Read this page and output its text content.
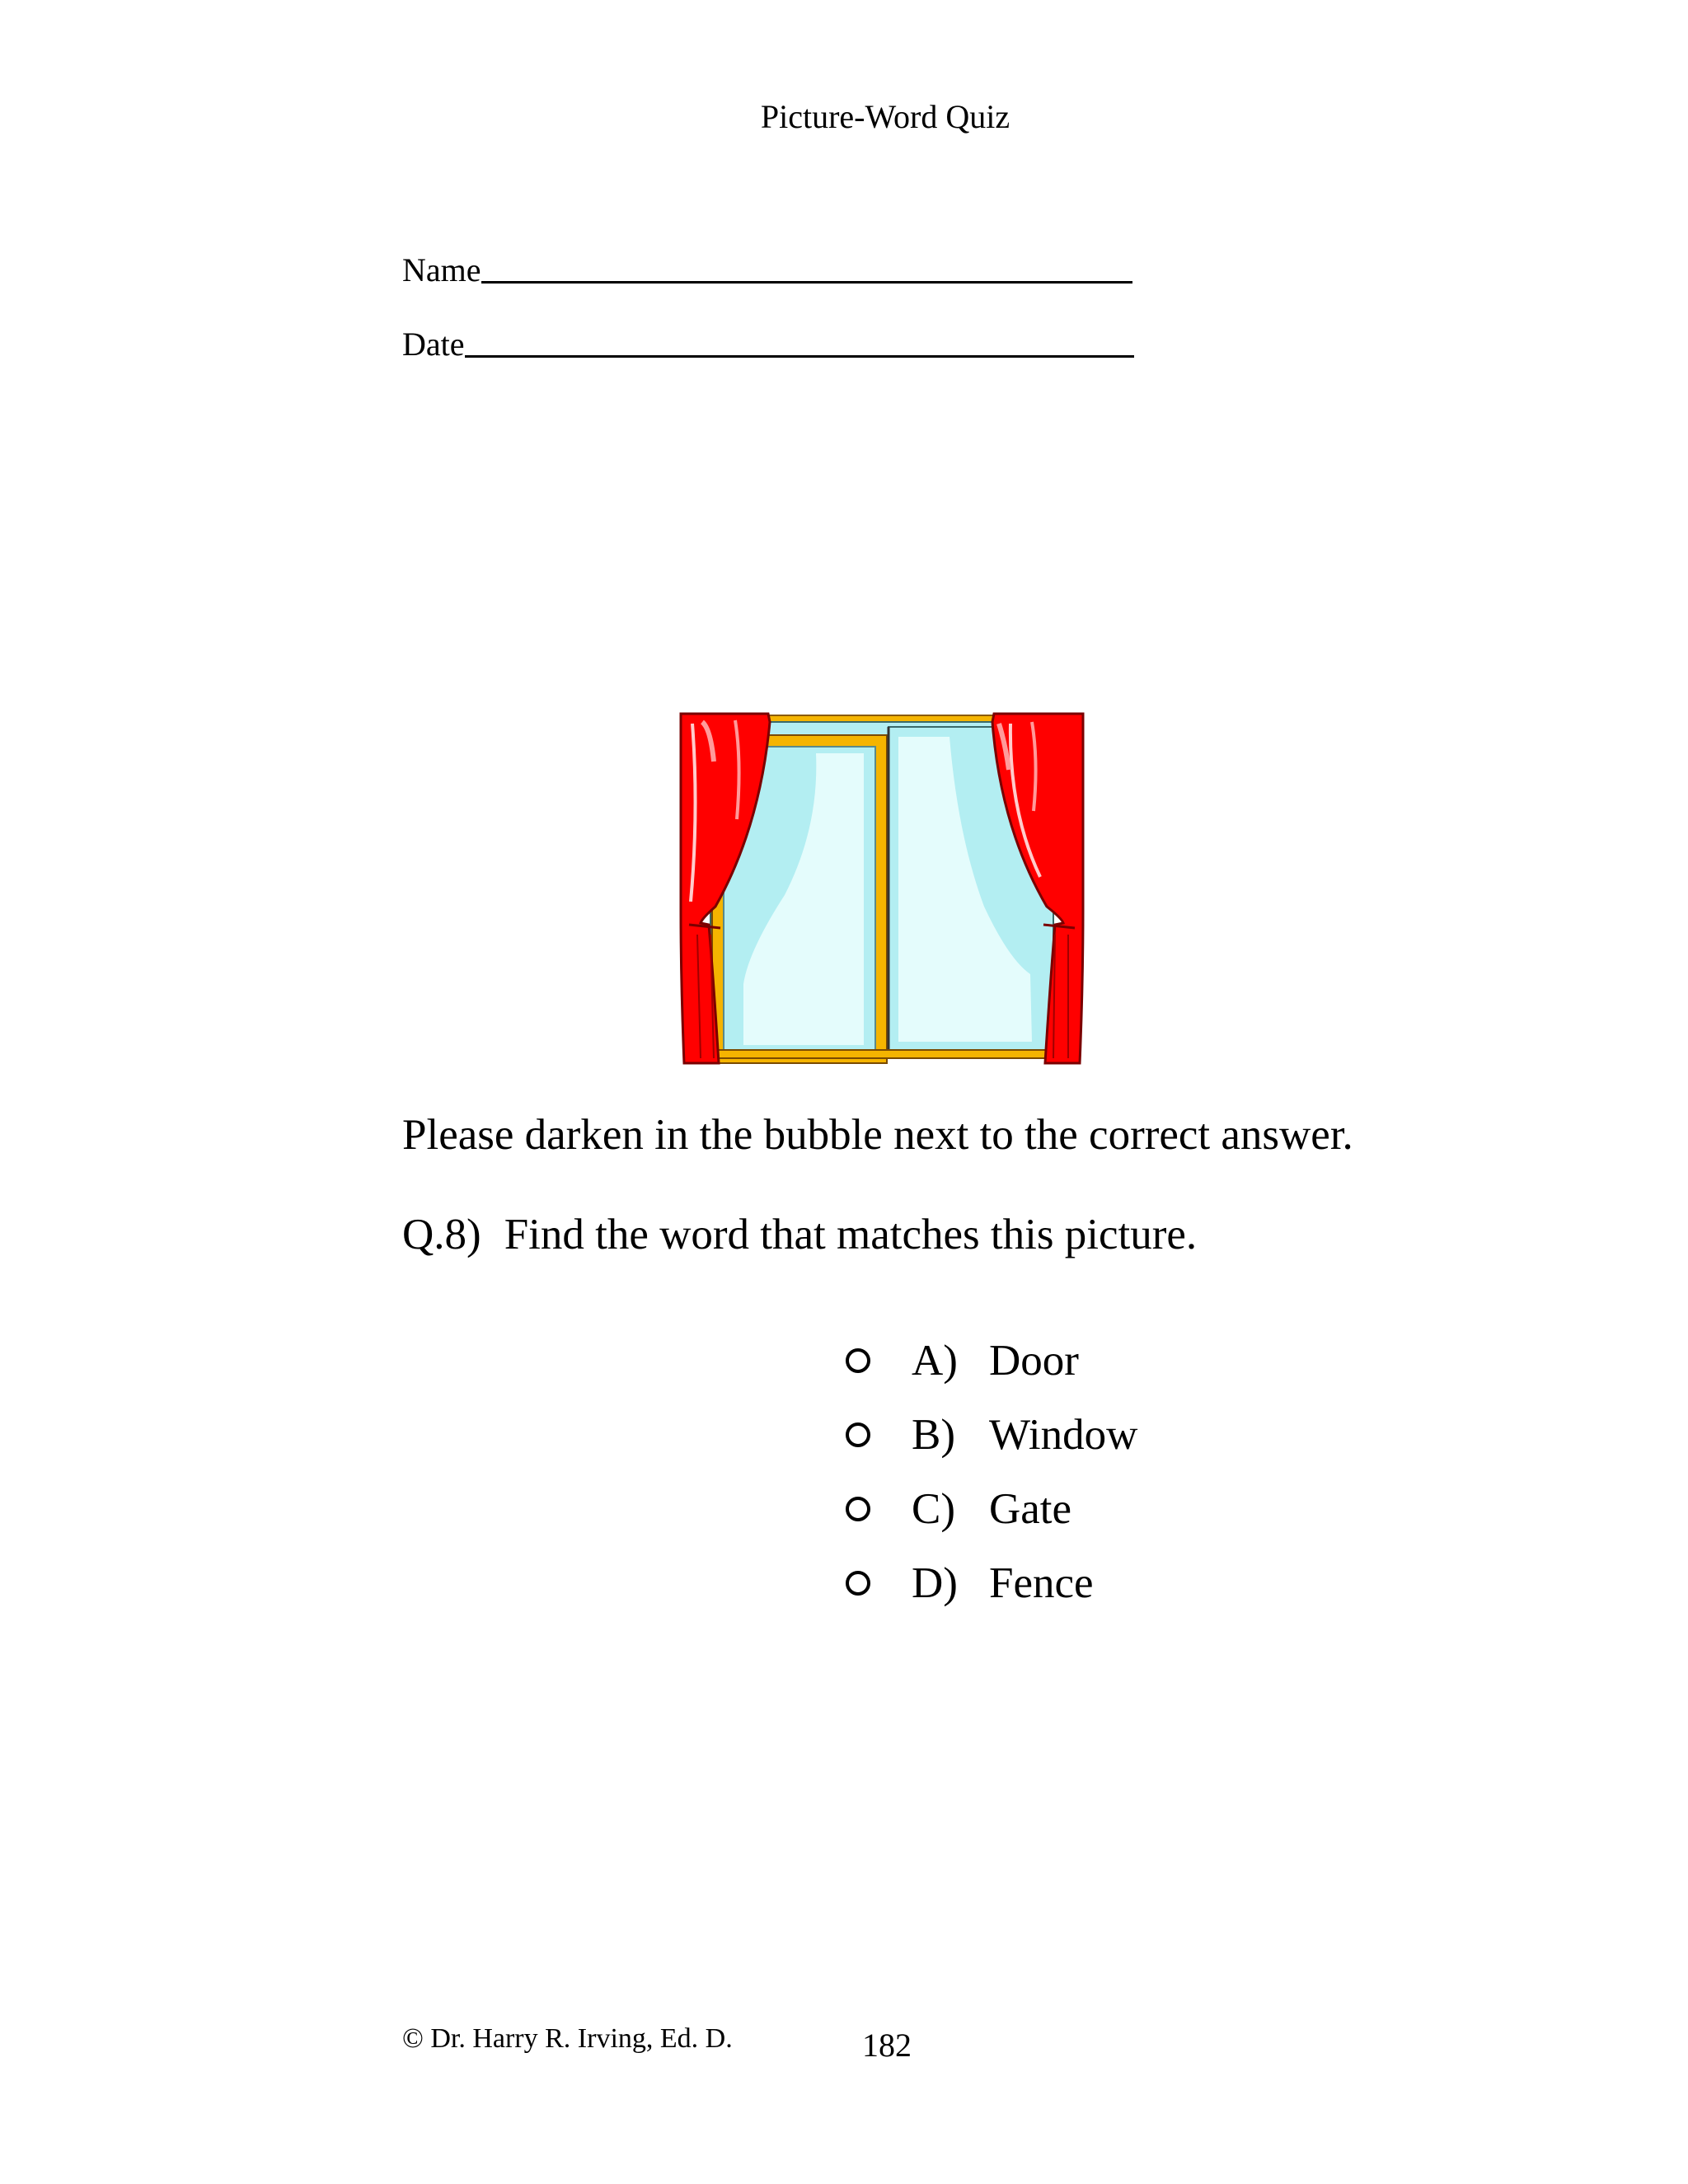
Picture-Word Quiz
Name
Date
Please darken in the bubble next to the correct answer.
Q.8) Find the word that matches this picture.
A) Door
B) Window
C) Gate
D) Fence
© Dr. Harry R. Irving, Ed. D.	182
